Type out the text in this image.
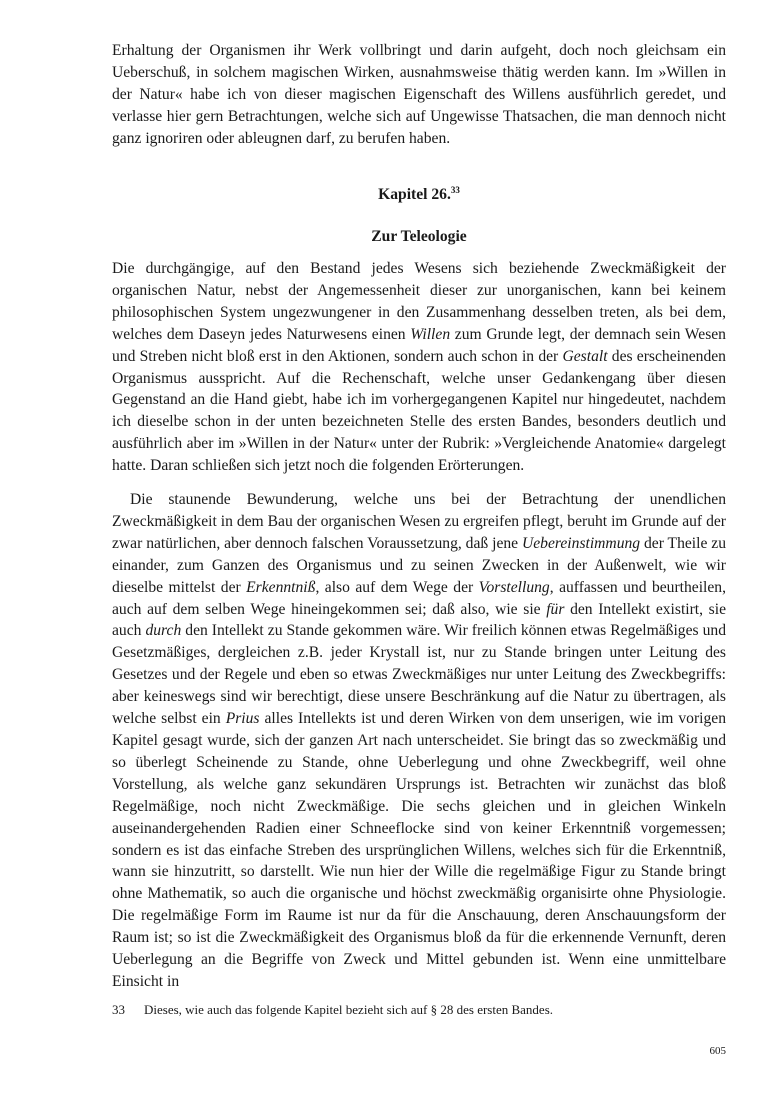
Erhaltung der Organismen ihr Werk vollbringt und darin aufgeht, doch noch gleichsam ein Ueberschuß, in solchem magischen Wirken, ausnahmsweise thätig werden kann. Im »Willen in der Natur« habe ich von dieser magischen Eigenschaft des Willens ausführlich geredet, und verlasse hier gern Betrachtungen, welche sich auf Ungewisse Thatsachen, die man dennoch nicht ganz ignoriren oder ableugnen darf, zu berufen haben.

Kapitel 26.33
Zur Teleologie

Die durchgängige, auf den Bestand jedes Wesens sich beziehende Zweckmäßigkeit der organischen Natur, nebst der Angemessenheit dieser zur unorganischen, kann bei keinem philosophischen System ungezwungener in den Zusammenhang desselben treten, als bei dem, welches dem Daseyn jedes Naturwesens einen Willen zum Grunde legt, der demnach sein Wesen und Streben nicht bloß erst in den Aktionen, sondern auch schon in der Gestalt des erscheinenden Organismus ausspricht. Auf die Rechenschaft, welche unser Gedankengang über diesen Gegenstand an die Hand giebt, habe ich im vorhergegangenen Kapitel nur hingedeutet, nachdem ich dieselbe schon in der unten bezeichneten Stelle des ersten Bandes, besonders deutlich und ausführlich aber im »Willen in der Natur« unter der Rubrik: »Vergleichende Anatomie« dargelegt hatte. Daran schließen sich jetzt noch die folgenden Erörterungen.

Die staunende Bewunderung, welche uns bei der Betrachtung der unendlichen Zweckmäßigkeit in dem Bau der organischen Wesen zu ergreifen pflegt, beruht im Grunde auf der zwar natürlichen, aber dennoch falschen Voraussetzung, daß jene Uebereinstimmung der Theile zu einander, zum Ganzen des Organismus und zu seinen Zwecken in der Außenwelt, wie wir dieselbe mittelst der Erkenntniß, also auf dem Wege der Vorstellung, auffassen und beurtheilen, auch auf dem selben Wege hineingekommen sei; daß also, wie sie für den Intellekt existirt, sie auch durch den Intellekt zu Stande gekommen wäre. Wir freilich können etwas Regelmäßiges und Gesetzmäßiges, dergleichen z.B. jeder Krystall ist, nur zu Stande bringen unter Leitung des Gesetzes und der Regele und eben so etwas Zweckmäßiges nur unter Leitung des Zweckbegriffs: aber keineswegs sind wir berechtigt, diese unsere Beschränkung auf die Natur zu übertragen, als welche selbst ein Prius alles Intellekts ist und deren Wirken von dem unserigen, wie im vorigen Kapitel gesagt wurde, sich der ganzen Art nach unterscheidet. Sie bringt das so zweckmäßig und so überlegt Scheinende zu Stande, ohne Ueberlegung und ohne Zweckbegriff, weil ohne Vorstellung, als welche ganz sekundären Ursprungs ist. Betrachten wir zunächst das bloß Regelmäßige, noch nicht Zweckmäßige. Die sechs gleichen und in gleichen Winkeln auseinandergehenden Radien einer Schneeflocke sind von keiner Erkenntniß vorgemessen; sondern es ist das einfache Streben des ursprünglichen Willens, welches sich für die Erkenntniß, wann sie hinzutritt, so darstellt. Wie nun hier der Wille die regelmäßige Figur zu Stande bringt ohne Mathematik, so auch die organische und höchst zweckmäßig organisirte ohne Physiologie. Die regelmäßige Form im Raume ist nur da für die Anschauung, deren Anschauungsform der Raum ist; so ist die Zweckmäßigkeit des Organismus bloß da für die erkennende Vernunft, deren Ueberlegung an die Begriffe von Zweck und Mittel gebunden ist. Wenn eine unmittelbare Einsicht in

33 Dieses, wie auch das folgende Kapitel bezieht sich auf § 28 des ersten Bandes.
605
